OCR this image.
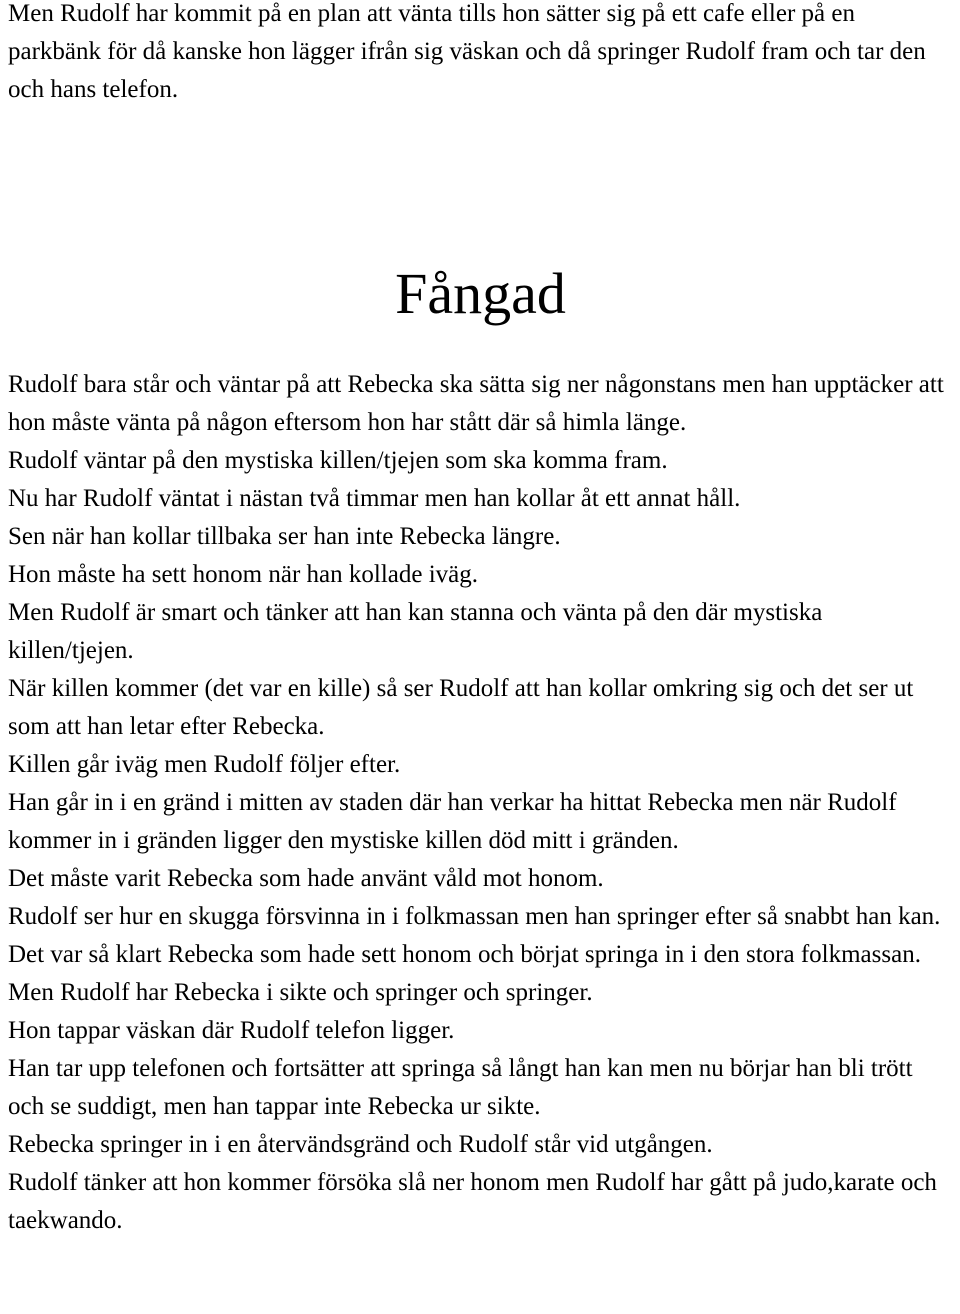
Men Rudolf har kommit på en plan att vänta tills hon sätter sig på ett cafe eller på en parkbänk för då kanske hon lägger ifrån sig väskan och då springer Rudolf fram och tar den och hans telefon.

Fångad

Rudolf bara står och väntar på att Rebecka ska sätta sig ner någonstans men han upptäcker att hon måste vänta på någon eftersom hon har stått där så himla länge.

Rudolf väntar på den mystiska killen/tjejen som ska komma fram.

Nu har Rudolf väntat i nästan två timmar men han kollar åt ett annat håll.

Sen när han kollar tillbaka ser han inte Rebecka längre.

Hon måste ha sett honom när han kollade iväg.

Men Rudolf är smart och tänker att han kan stanna och vänta på den där mystiska killen/tjejen.

När killen kommer (det var en kille) så ser Rudolf att han kollar omkring sig och det ser ut som att han letar efter Rebecka.

Killen går iväg men Rudolf följer efter.

Han går in i en gränd i mitten av staden där han verkar ha hittat Rebecka men när Rudolf kommer in i gränden ligger den mystiske killen död mitt i gränden.

Det måste varit Rebecka som hade använt våld mot honom.

Rudolf ser hur en skugga försvinna in i folkmassan men han springer efter så snabbt han kan.

Det var så klart Rebecka som hade sett honom och börjat springa in i den stora folkmassan.

Men Rudolf har Rebecka i sikte och springer och springer.

Hon tappar väskan där Rudolf telefon ligger.

Han tar upp telefonen och fortsätter att springa så långt han kan men nu börjar han bli trött och se suddigt, men han tappar inte Rebecka ur sikte.

Rebecka springer in i en återvändsgränd och Rudolf står vid utgången.

Rudolf tänker att hon kommer försöka slå ner honom men Rudolf har gått på judo,karate och taekwando.
